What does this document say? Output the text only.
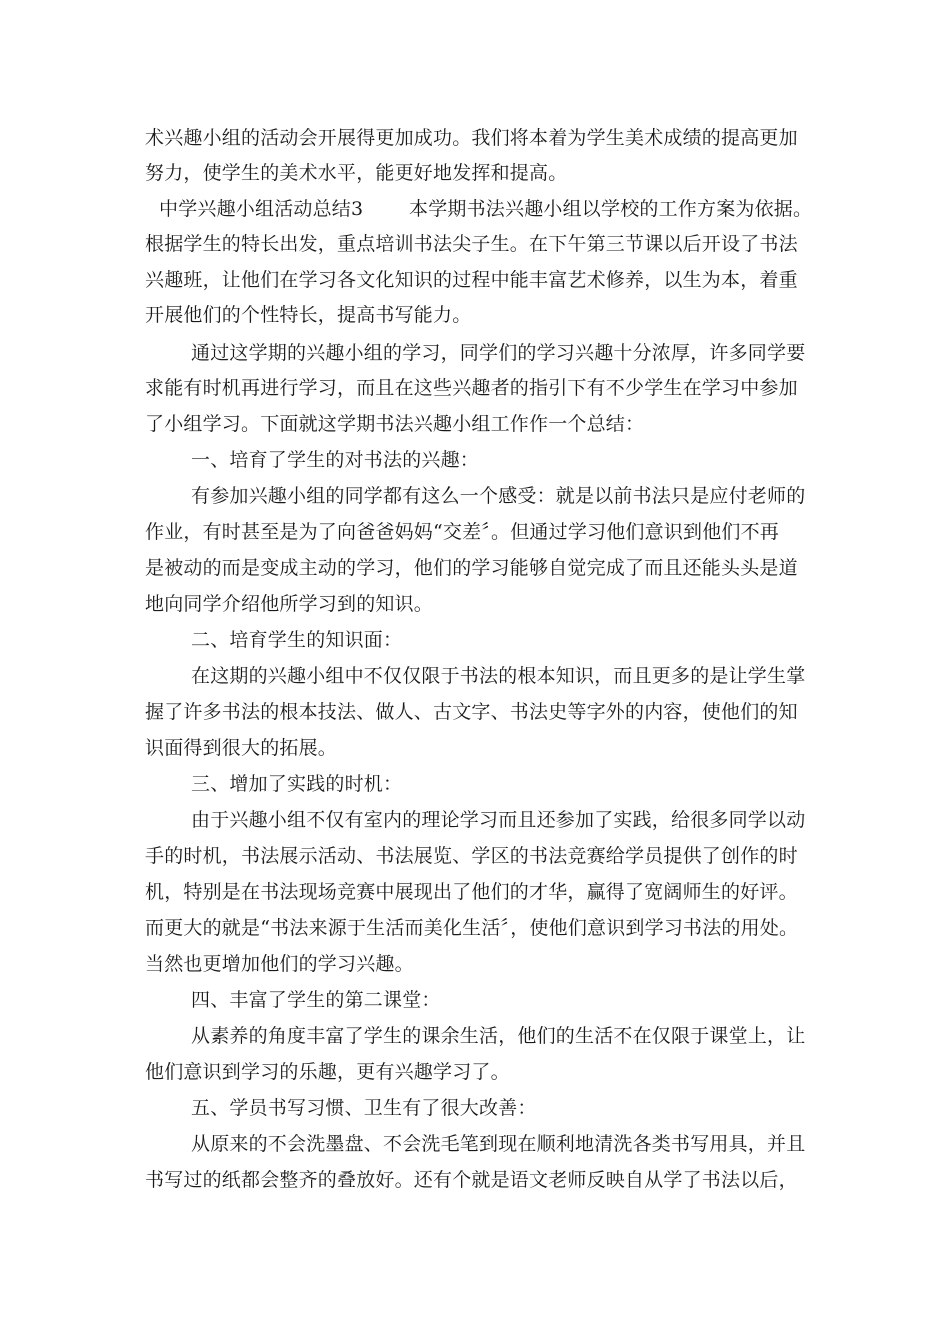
术兴趣小组的活动会开展得更加成功。我们将本着为学生美术成绩的提高更加
努力，使学生的美术水平，能更好地发挥和提高。
中学兴趣小组活动总结3 本学期书法兴趣小组以学校的工作方案为依据。
根据学生的特长出发，重点培训书法尖子生。在下午第三节课以后开设了书法
兴趣班，让他们在学习各文化知识的过程中能丰富艺术修养，以生为本，着重
开展他们的个性特长，提高书写能力。
通过这学期的兴趣小组的学习，同学们的学习兴趣十分浓厚，许多同学要
求能有时机再进行学习，而且在这些兴趣者的指引下有不少学生在学习中参加
了小组学习。下面就这学期书法兴趣小组工作作一个总结：
一、培育了学生的对书法的兴趣：
有参加兴趣小组的同学都有这么一个感受：就是以前书法只是应付老师的
作业，有时甚至是为了向爸爸妈妈“交差〞。但通过学习他们意识到他们不再
是被动的而是变成主动的学习，他们的学习能够自觉完成了而且还能头头是道
地向同学介绍他所学习到的知识。
二、培育学生的知识面：
在这期的兴趣小组中不仅仅限于书法的根本知识，而且更多的是让学生掌
握了许多书法的根本技法、做人、古文字、书法史等字外的内容，使他们的知
识面得到很大的拓展。
三、增加了实践的时机：
由于兴趣小组不仅有室内的理论学习而且还参加了实践，给很多同学以动
手的时机，书法展示活动、书法展览、学区的书法竞赛给学员提供了创作的时
机，特别是在书法现场竞赛中展现出了他们的才华，赢得了宽阔师生的好评。
而更大的就是“书法来源于生活而美化生活〞，使他们意识到学习书法的用处。
当然也更增加他们的学习兴趣。
四、丰富了学生的第二课堂：
从素养的角度丰富了学生的课余生活，他们的生活不在仅限于课堂上，让
他们意识到学习的乐趣，更有兴趣学习了。
五、学员书写习惯、卫生有了很大改善：
从原来的不会洗墨盘、不会洗毛笔到现在顺利地清洗各类书写用具，并且
书写过的纸都会整齐的叠放好。还有个就是语文老师反映自从学了书法以后，
